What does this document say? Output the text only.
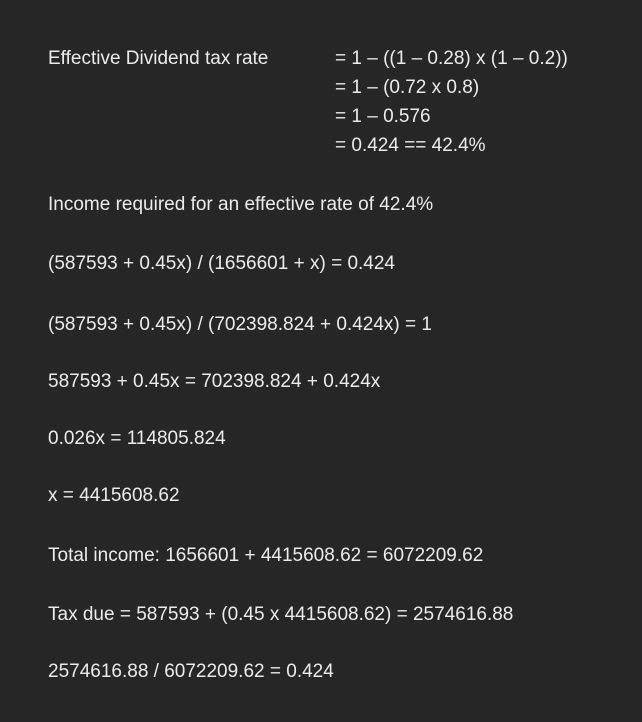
Effective Dividend tax rate	= 1 – ((1 – 0.28) x (1 – 0.2))
= 1 – (0.72 x 0.8)
= 1 – 0.576
= 0.424 == 42.4%
Income required for an effective rate of 42.4%
(587593 + 0.45x) / (1656601 + x) = 0.424
(587593 + 0.45x) / (702398.824 + 0.424x) = 1
587593 + 0.45x = 702398.824 + 0.424x
0.026x = 114805.824
x = 4415608.62
Total income: 1656601 + 4415608.62 = 6072209.62
Tax due = 587593 + (0.45 x 4415608.62) = 2574616.88
2574616.88 / 6072209.62 = 0.424
